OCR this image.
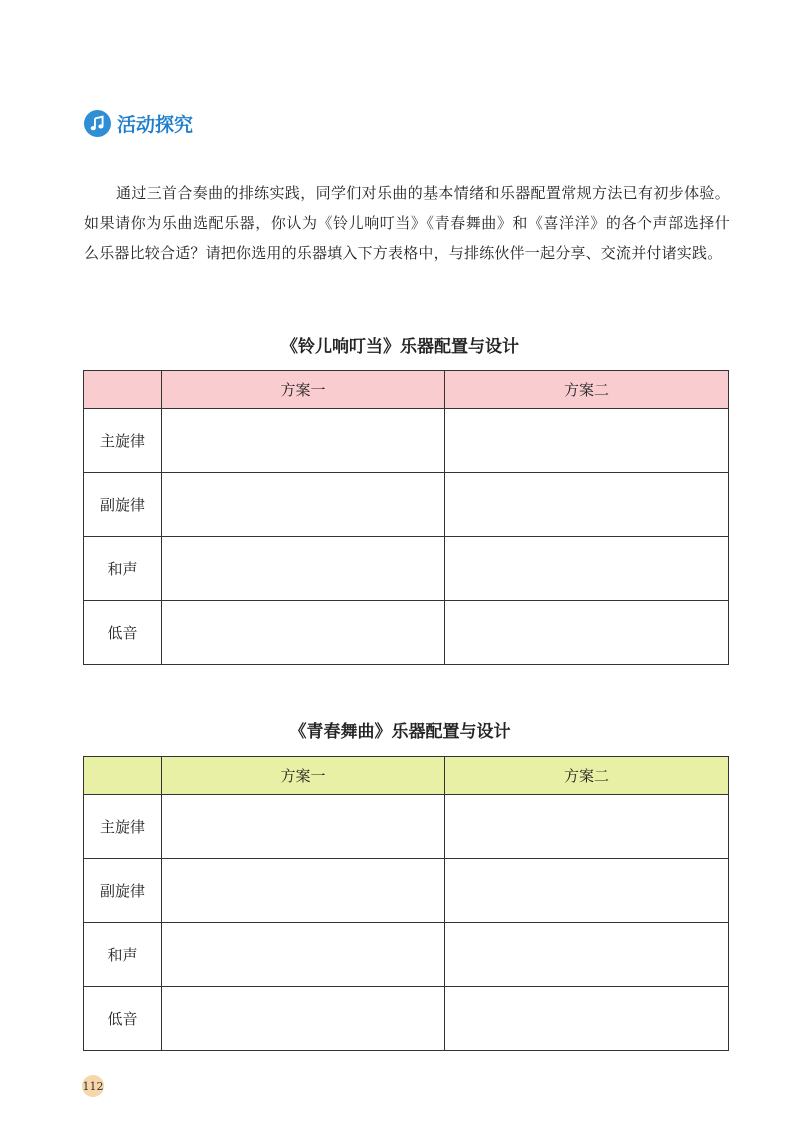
活动探究

通过三首合奏曲的排练实践，同学们对乐曲的基本情绪和乐器配置常规方法已有初步体验。如果请你为乐曲选配乐器，你认为《铃儿响叮当》《青春舞曲》和《喜洋洋》的各个声部选择什么乐器比较合适？请把你选用的乐器填入下方表格中，与排练伙伴一起分享、交流并付诸实践。

《铃儿响叮当》乐器配置与设计
	方案一	方案二
主旋律		
副旋律		
和声		
低音		
《青春舞曲》乐器配置与设计
	方案一	方案二
主旋律		
副旋律		
和声		
低音		
112
